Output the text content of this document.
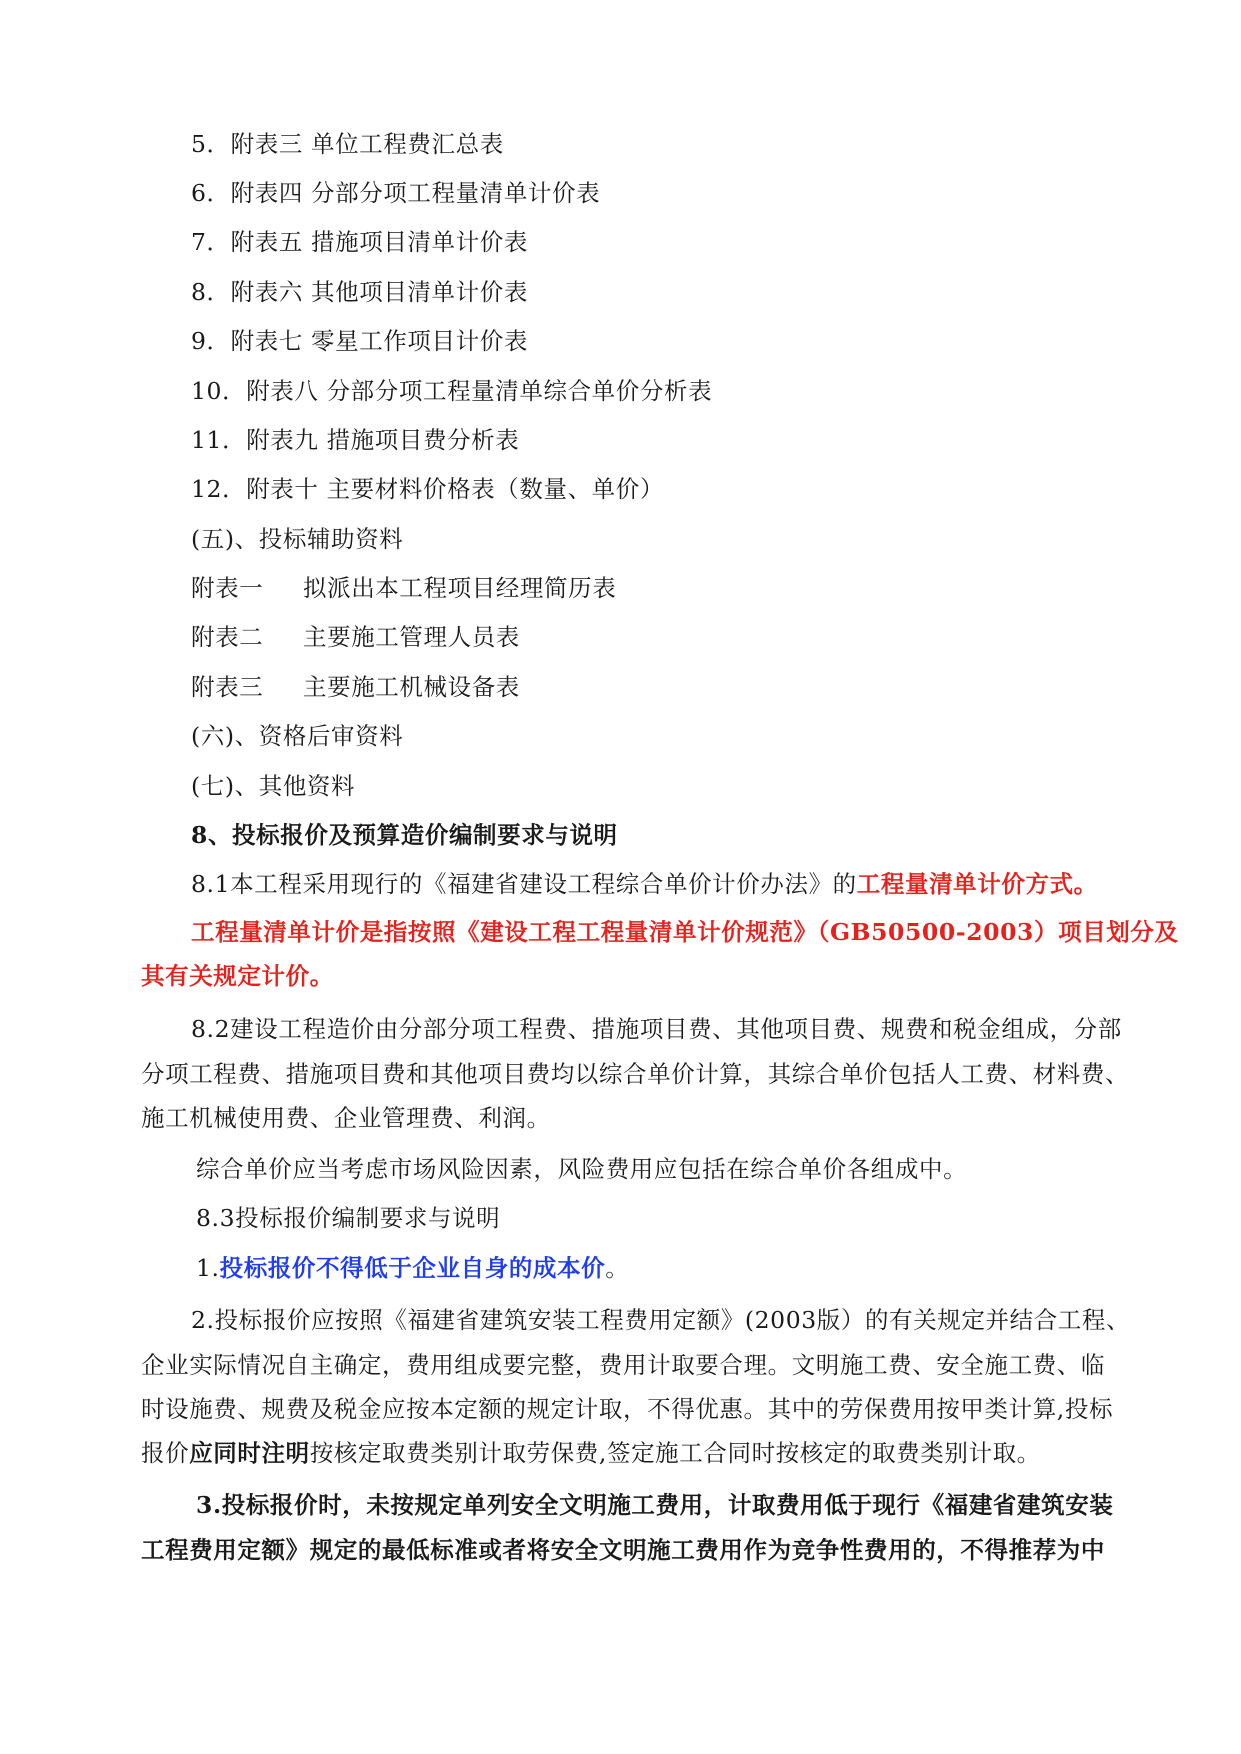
5．附表三 单位工程费汇总表
6．附表四 分部分项工程量清单计价表
7．附表五 措施项目清单计价表
8．附表六 其他项目清单计价表
9．附表七 零星工作项目计价表
10．附表八 分部分项工程量清单综合单价分析表
11．附表九 措施项目费分析表
12．附表十 主要材料价格表（数量、单价）
(五)、投标辅助资料
附表一 拟派出本工程项目经理简历表
附表二 主要施工管理人员表
附表三 主要施工机械设备表
(六)、资格后审资料
(七)、其他资料
8、投标报价及预算造价编制要求与说明
8.1本工程采用现行的《福建省建设工程综合单价计价办法》的工程量清单计价方式。
工程量清单计价是指按照《建设工程工程量清单计价规范》（GB50500-2003）项目划分及
其有关规定计价。
8.2建设工程造价由分部分项工程费、措施项目费、其他项目费、规费和税金组成，分部
分项工程费、措施项目费和其他项目费均以综合单价计算，其综合单价包括人工费、材料费、
施工机械使用费、企业管理费、利润。
综合单价应当考虑市场风险因素，风险费用应包括在综合单价各组成中。
8.3投标报价编制要求与说明
1.投标报价不得低于企业自身的成本价。
2.投标报价应按照《福建省建筑安装工程费用定额》(2003版）的有关规定并结合工程、
企业实际情况自主确定，费用组成要完整，费用计取要合理。文明施工费、安全施工费、临
时设施费、规费及税金应按本定额的规定计取，不得优惠。其中的劳保费用按甲类计算,投标
报价应同时注明按核定取费类别计取劳保费,签定施工合同时按核定的取费类别计取。
3.投标报价时，未按规定单列安全文明施工费用，计取费用低于现行《福建省建筑安装
工程费用定额》规定的最低标准或者将安全文明施工费用作为竞争性费用的，不得推荐为中
